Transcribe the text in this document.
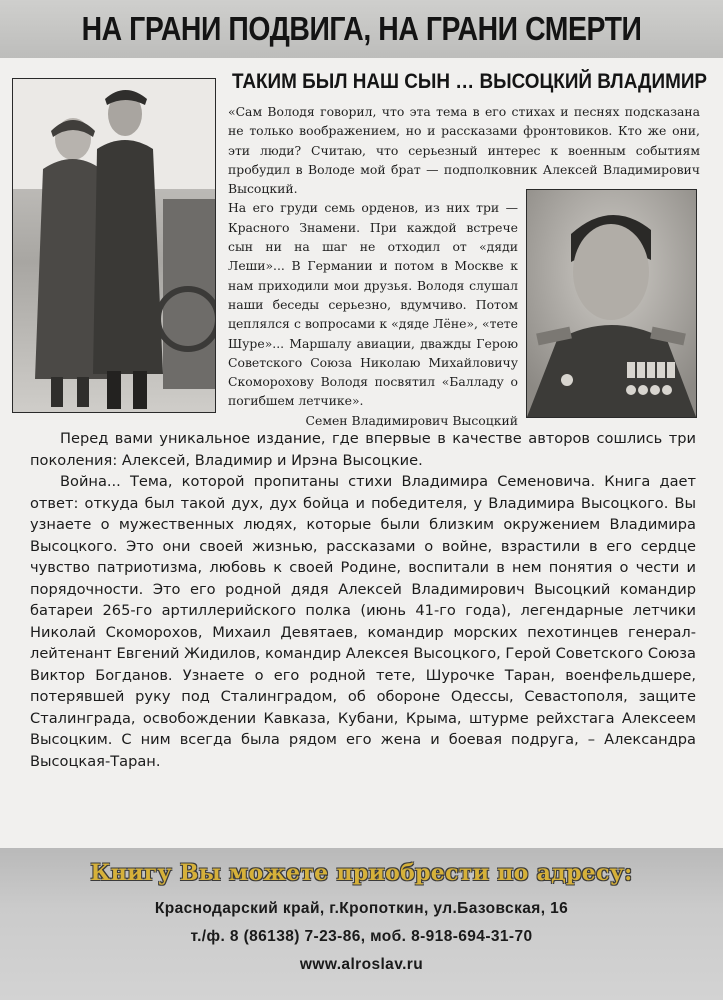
НА ГРАНИ ПОДВИГА, НА ГРАНИ СМЕРТИ
ТАКИМ БЫЛ НАШ СЫН … ВЫСОЦКИЙ ВЛАДИМИР

«Сам Володя говорил, что эта тема в его стихах и песнях подсказана не только воображением, но и рассказами фронтовиков. Кто же они, эти люди? Считаю, что серьезный интерес к военным событиям пробудил в Володе мой брат — подполковник Алексей Владимирович Высоцкий.

На его груди семь орденов, из них три — Красного Знамени. При каждой встрече сын ни на шаг не отходил от «дяди Леши»... В Германии и потом в Москве к нам приходили мои друзья. Володя слушал наши беседы серьезно, вдумчиво. Потом цеплялся с вопросами к «дяде Лёне», «тете Шуре»... Маршалу авиации, дважды Герою Советского Союза Николаю Михайловичу Скоморохову Володя посвятил «Балладу о погибшем летчике».

Семен Владимирович Высоцкий

Перед вами уникальное издание, где впервые в качестве авторов сошлись три поколения: Алексей, Владимир и Ирэна Высоцкие.

Война... Тема, которой пропитаны стихи Владимира Семеновича. Книга дает ответ: откуда был такой дух, дух бойца и победителя, у Владимира Высоцкого. Вы узнаете о мужественных людях, которые были близким окружением Владимира Высоцкого. Это они своей жизнью, рассказами о войне, взрастили в его сердце чувство патриотизма, любовь к своей Родине, воспитали в нем понятия о чести и порядочности. Это его родной дядя Алексей Владимирович Высоцкий командир батареи 265-го артиллерийского полка (июнь 41-го года), легендарные летчики Николай Скоморохов, Михаил Девятаев, командир морских пехотинцев генерал-лейтенант Евгений Жидилов, командир Алексея Высоцкого, Герой Советского Союза Виктор Богданов. Узнаете о его родной тете, Шурочке Таран, военфельдшере, потерявшей руку под Сталинградом, об обороне Одессы, Севастополя, защите Сталинграда, освобождении Кавказа, Кубани, Крыма, штурме рейхстага Алексеем Высоцким. С ним всегда была рядом его жена и боевая подруга, – Александра Высоцкая-Таран.

Книгу Вы можете приобрести по адресу:
Краснодарский край, г.Кропоткин, ул.Базовская, 16
т./ф. 8 (86138) 7-23-86, моб. 8-918-694-31-70
www.alroslav.ru
